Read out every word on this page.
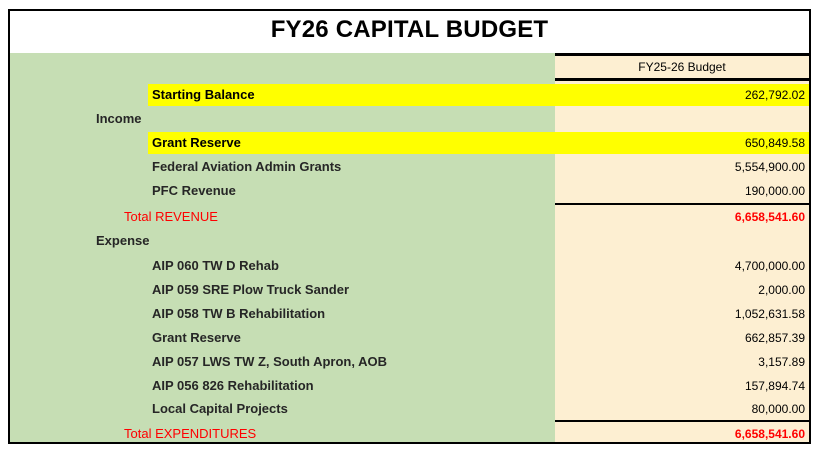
FY26 CAPITAL BUDGET
FY25-26 Budget
Starting Balance	262,792.02
Income
Grant Reserve	650,849.58
Federal Aviation Admin Grants	5,554,900.00
PFC Revenue	190,000.00
Total REVENUE	6,658,541.60
Expense
AIP 060 TW D Rehab	4,700,000.00
AIP 059 SRE Plow Truck Sander	2,000.00
AIP 058 TW B Rehabilitation	1,052,631.58
Grant Reserve	662,857.39
AIP 057 LWS TW Z, South Apron, AOB	3,157.89
AIP 056 826 Rehabilitation	157,894.74
Local Capital Projects	80,000.00
Total EXPENDITURES	6,658,541.60
